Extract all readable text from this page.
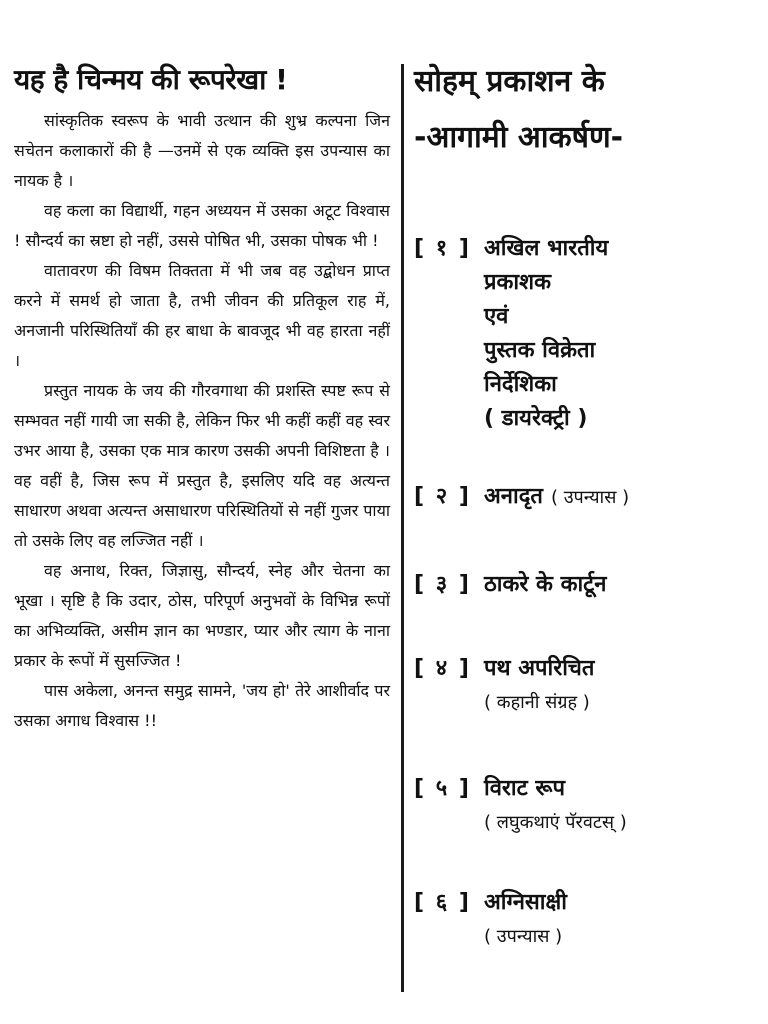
यह है चिन्मय की रूपरेखा !

सांस्कृतिक स्वरूप के भावी उत्थान की शुभ्र कल्पना जिन सचेतन कलाकारों की है —उनमें से एक व्यक्ति इस उपन्यास का नायक है ।

वह कला का विद्यार्थी, गहन अध्ययन में उसका अटूट विश्वास ! सौन्दर्य का स्रष्टा हो नहीं, उससे पोषित भी, उसका पोषक भी !

वातावरण की विषम तिक्तता में भी जब वह उद्बोधन प्राप्त करने में समर्थ हो जाता है, तभी जीवन की प्रतिकूल राह में, अनजानी परिस्थितियाँ की हर बाधा के बावजूद भी वह हारता नहीं ।

प्रस्तुत नायक के जय की गौरवगाथा की प्रशस्ति स्पष्ट रूप से सम्भवत नहीं गायी जा सकी है, लेकिन फिर भी कहीं कहीं वह स्वर उभर आया है, उसका एक मात्र कारण उसकी अपनी विशिष्टता है । वह वहीं है, जिस रूप में प्रस्तुत है, इसलिए यदि वह अत्यन्त साधारण अथवा अत्यन्त असाधारण परिस्थितियों से नहीं गुजर पाया तो उसके लिए वह लज्जित नहीं ।

वह अनाथ, रिक्त, जिज्ञासु, सौन्दर्य, स्नेह और चेतना का भूखा । सृष्टि है कि उदार, ठोस, परिपूर्ण अनुभवों के विभिन्न रूपों का अभिव्यक्ति, असीम ज्ञान का भण्डार, प्यार और त्याग के नाना प्रकार के रूपों में सुसज्जित !

पास अकेला, अनन्त समुद्र सामने, 'जय हो' तेरे आशीर्वाद पर उसका अगाध विश्वास !!

सोहम् प्रकाशन के
-आगामी आकर्षण-
[ १ ] अखिल भारतीय
प्रकाशक
एवं
पुस्तक विक्रेता
निर्देशिका
( डायरेक्ट्री )
[ २ ] अनादृत ( उपन्यास )
[ ३ ] ठाकरे के कार्टून
[ ४ ] पथ अपरिचित
( कहानी संग्रह )
[ ५ ] विराट रूप
( लघुकथाएं पॅरवटस् )
[ ६ ] अग्निसाक्षी
( उपन्यास )
